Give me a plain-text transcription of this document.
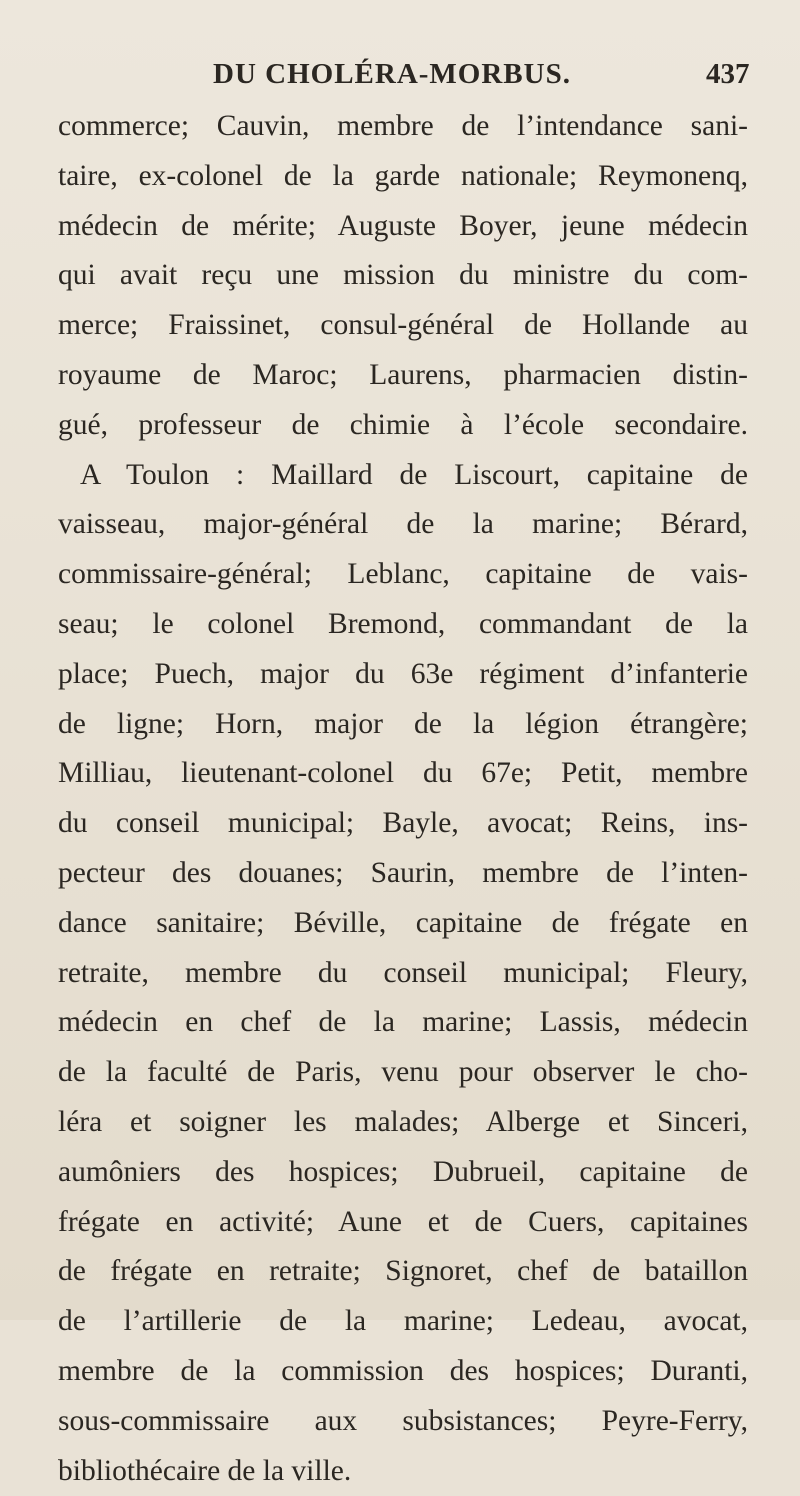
DU CHOLÉRA-MORBUS.	437
commerce; Cauvin, membre de l’intendance sani-
taire, ex-colonel de la garde nationale; Reymonenq,
médecin de mérite; Auguste Boyer, jeune médecin
qui avait reçu une mission du ministre du com-
merce; Fraissinet, consul-général de Hollande au
royaume de Maroc; Laurens, pharmacien distin-
gué, professeur de chimie à l’école secondaire.
A Toulon : Maillard de Liscourt, capitaine de
vaisseau, major-général de la marine; Bérard,
commissaire-général; Leblanc, capitaine de vais-
seau; le colonel Bremond, commandant de la
place; Puech, major du 63e régiment d’infanterie
de ligne; Horn, major de la légion étrangère;
Milliau, lieutenant-colonel du 67e; Petit, membre
du conseil municipal; Bayle, avocat; Reins, ins-
pecteur des douanes; Saurin, membre de l’inten-
dance sanitaire; Béville, capitaine de frégate en
retraite, membre du conseil municipal; Fleury,
médecin en chef de la marine; Lassis, médecin
de la faculté de Paris, venu pour observer le cho-
léra et soigner les malades; Alberge et Sinceri,
aumôniers des hospices; Dubrueil, capitaine de
frégate en activité; Aune et de Cuers, capitaines
de frégate en retraite; Signoret, chef de bataillon
de l’artillerie de la marine; Ledeau, avocat,
membre de la commission des hospices; Duranti,
sous-commissaire aux subsistances; Peyre-Ferry,
bibliothécaire de la ville.
